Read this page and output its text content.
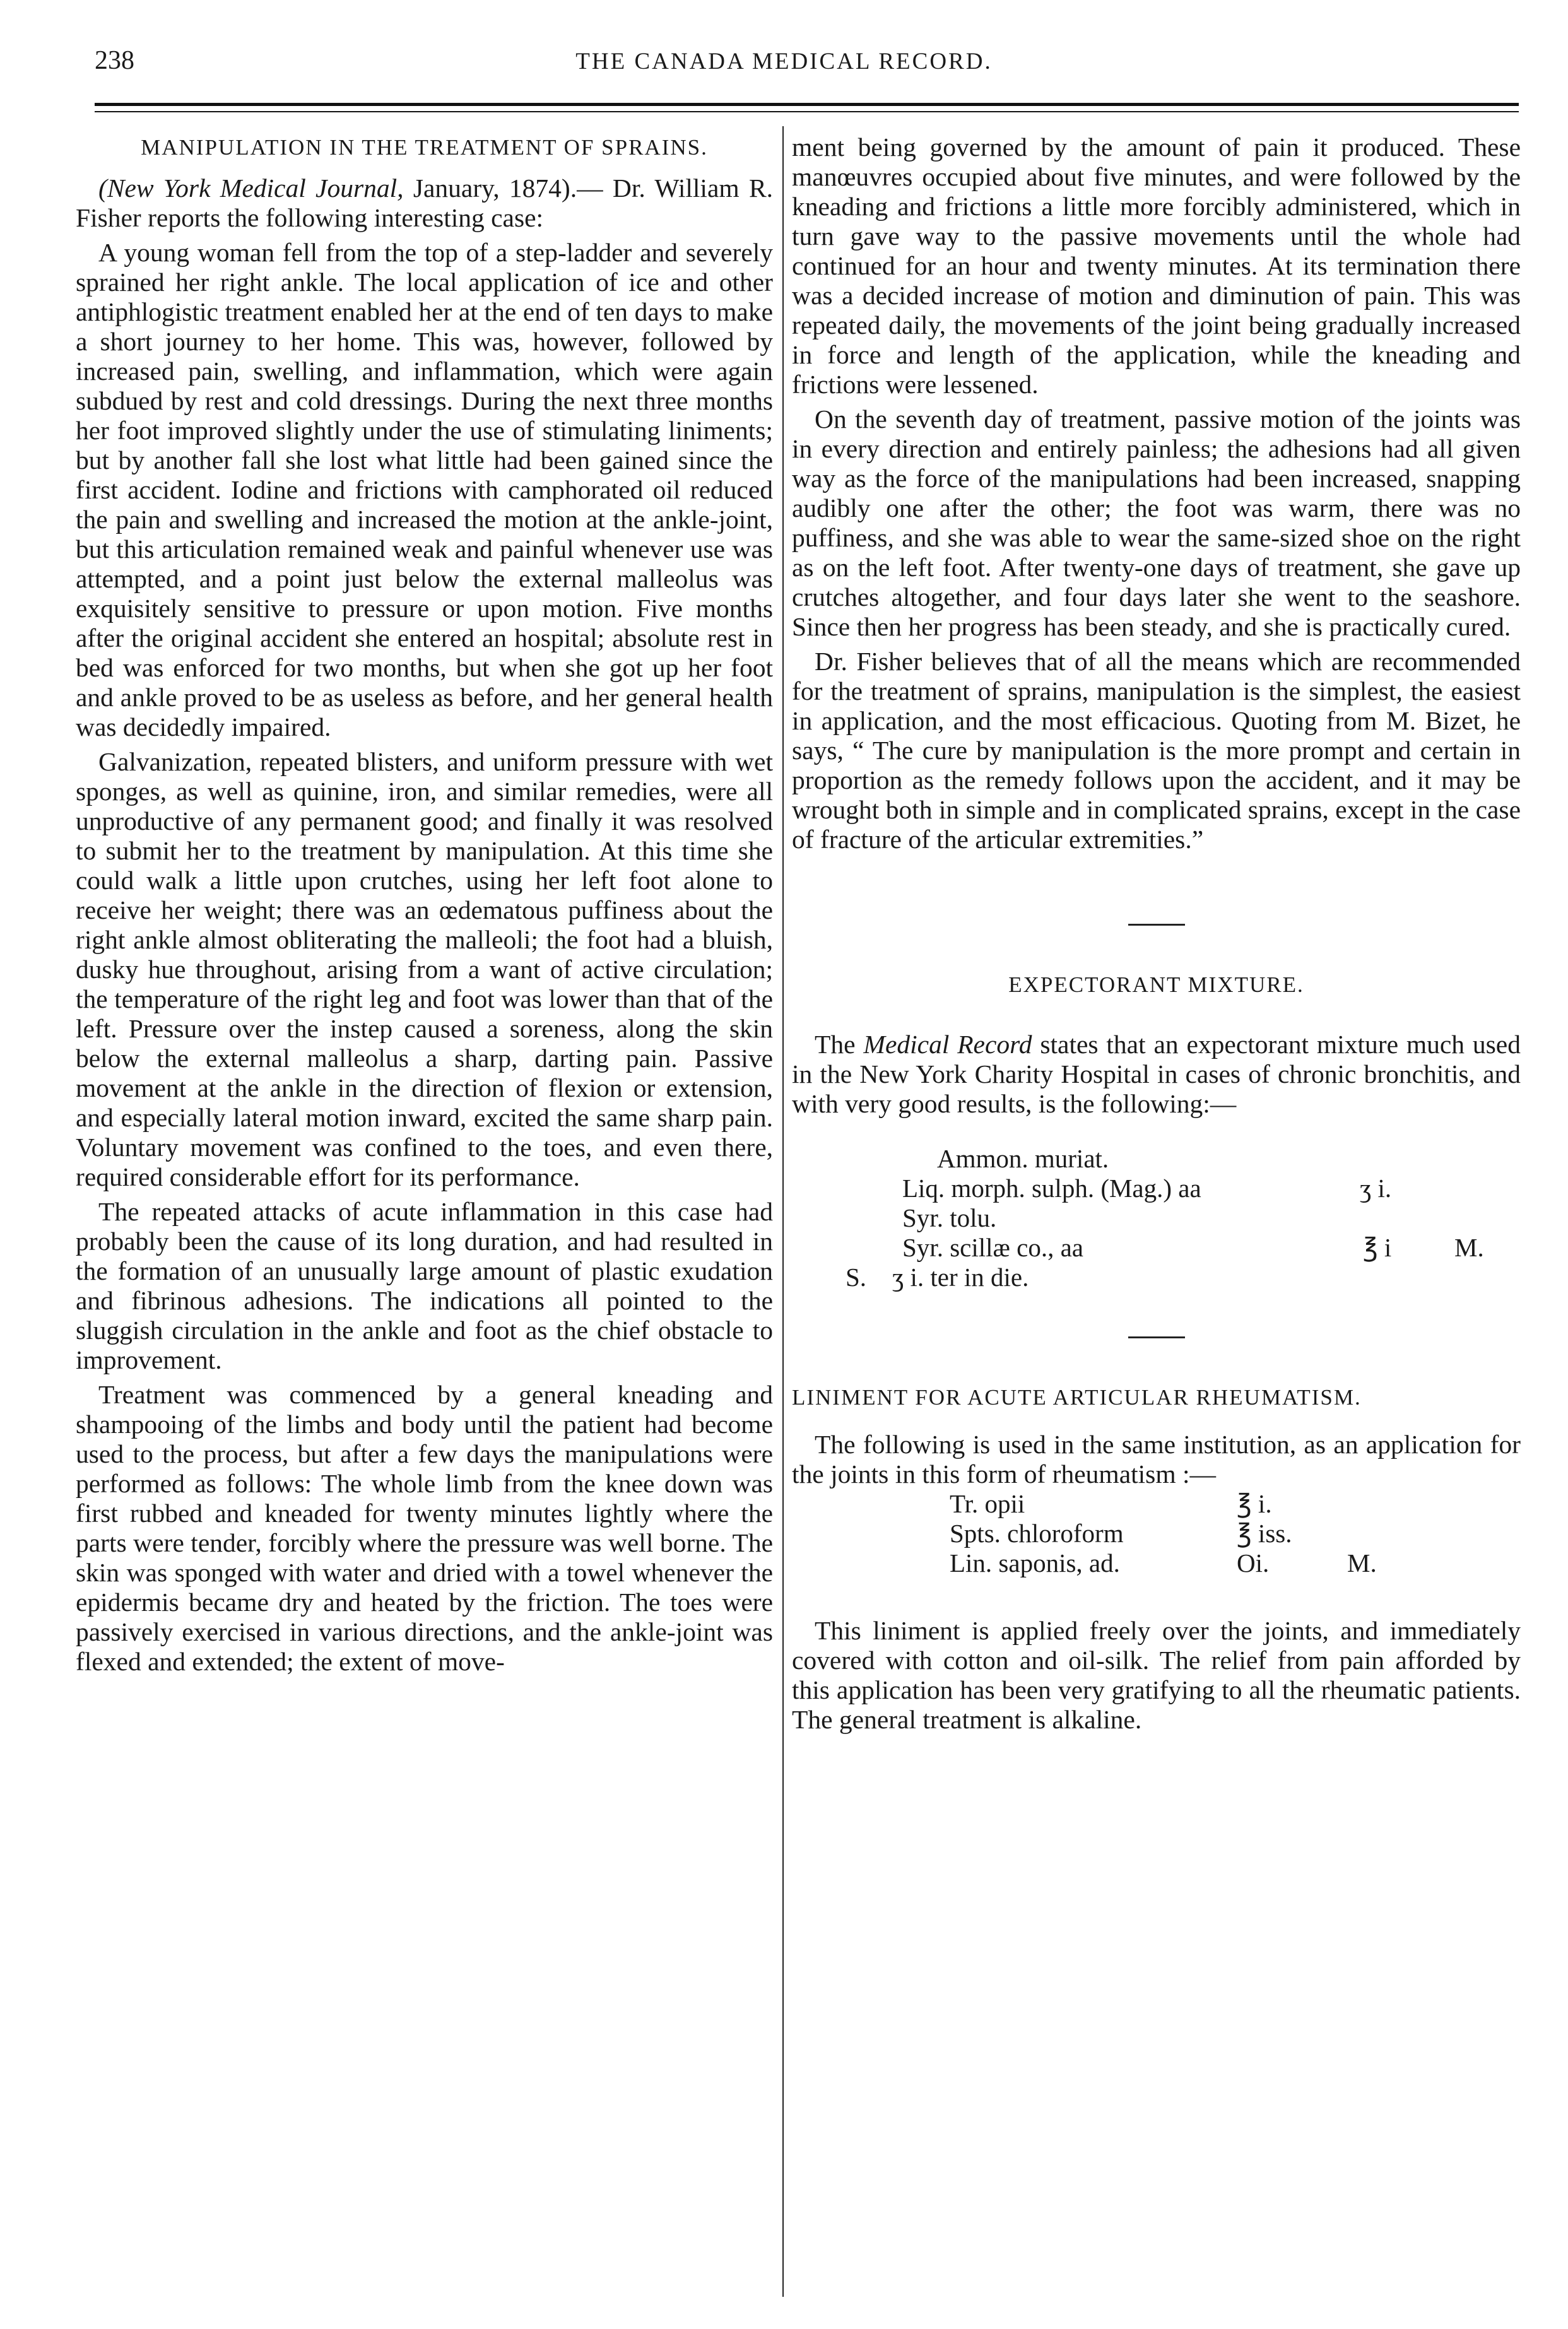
238	THE CANADA MEDICAL RECORD.
MANIPULATION IN THE TREATMENT OF SPRAINS.

(New York Medical Journal, January, 1874).— Dr. William R. Fisher reports the following interesting case:

A young woman fell from the top of a step-ladder and severely sprained her right ankle. The local application of ice and other antiphlogistic treatment enabled her at the end of ten days to make a short journey to her home. This was, however, followed by increased pain, swelling, and inflammation, which were again subdued by rest and cold dressings. During the next three months her foot improved slightly under the use of stimulating liniments; but by another fall she lost what little had been gained since the first accident. Iodine and frictions with camphorated oil reduced the pain and swelling and increased the motion at the ankle-joint, but this articulation remained weak and painful whenever use was attempted, and a point just below the external malleolus was exquisitely sensitive to pressure or upon motion. Five months after the original accident she entered an hospital; absolute rest in bed was enforced for two months, but when she got up her foot and ankle proved to be as useless as before, and her general health was decidedly impaired.

Galvanization, repeated blisters, and uniform pressure with wet sponges, as well as quinine, iron, and similar remedies, were all unproductive of any permanent good; and finally it was resolved to submit her to the treatment by manipulation. At this time she could walk a little upon crutches, using her left foot alone to receive her weight; there was an œdematous puffiness about the right ankle almost obliterating the malleoli; the foot had a bluish, dusky hue throughout, arising from a want of active circulation; the temperature of the right leg and foot was lower than that of the left. Pressure over the instep caused a soreness, along the skin below the external malleolus a sharp, darting pain. Passive movement at the ankle in the direction of flexion or extension, and especially lateral motion inward, excited the same sharp pain. Voluntary movement was confined to the toes, and even there, required considerable effort for its performance.

The repeated attacks of acute inflammation in this case had probably been the cause of its long duration, and had resulted in the formation of an unusually large amount of plastic exudation and fibrinous adhesions. The indications all pointed to the sluggish circulation in the ankle and foot as the chief obstacle to improvement.

Treatment was commenced by a general kneading and shampooing of the limbs and body until the patient had become used to the process, but after a few days the manipulations were performed as follows: The whole limb from the knee down was first rubbed and kneaded for twenty minutes lightly where the parts were tender, forcibly where the pressure was well borne. The skin was sponged with water and dried with a towel whenever the epidermis became dry and heated by the friction. The toes were passively exercised in various directions, and the ankle-joint was flexed and extended; the extent of move-

ment being governed by the amount of pain it produced. These manœuvres occupied about five minutes, and were followed by the kneading and frictions a little more forcibly administered, which in turn gave way to the passive movements until the whole had continued for an hour and twenty minutes. At its termination there was a decided increase of motion and diminution of pain. This was repeated daily, the movements of the joint being gradually increased in force and length of the application, while the kneading and frictions were lessened.

On the seventh day of treatment, passive motion of the joints was in every direction and entirely painless; the adhesions had all given way as the force of the manipulations had been increased, snapping audibly one after the other; the foot was warm, there was no puffiness, and she was able to wear the same-sized shoe on the right as on the left foot. After twenty-one days of treatment, she gave up crutches altogether, and four days later she went to the seashore. Since then her progress has been steady, and she is practically cured.

Dr. Fisher believes that of all the means which are recommended for the treatment of sprains, manipulation is the simplest, the easiest in application, and the most efficacious. Quoting from M. Bizet, he says, “ The cure by manipulation is the more prompt and certain in proportion as the remedy follows upon the accident, and it may be wrought both in simple and in complicated sprains, except in the case of fracture of the articular extremities.”

EXPECTORANT MIXTURE.

The Medical Record states that an expectorant mixture much used in the New York Charity Hospital in cases of chronic bronchitis, and with very good results, is the following:—

Ammon. muriat.
Liq. morph. sulph. (Mag.) aa	ʒ i.
Syr. tolu.
Syr. scillæ co., aa	℥ i M.
S.    ʒ i. ter in die.
LINIMENT FOR ACUTE ARTICULAR RHEUMATISM.

The following is used in the same institution, as an application for the joints in this form of rheumatism :—

Tr. opii	℥ i.
Spts. chloroform	℥ iss.
Lin. saponis, ad.	Oi.	M.

This liniment is applied freely over the joints, and immediately covered with cotton and oil-silk. The relief from pain afforded by this application has been very gratifying to all the rheumatic patients. The general treatment is alkaline.
